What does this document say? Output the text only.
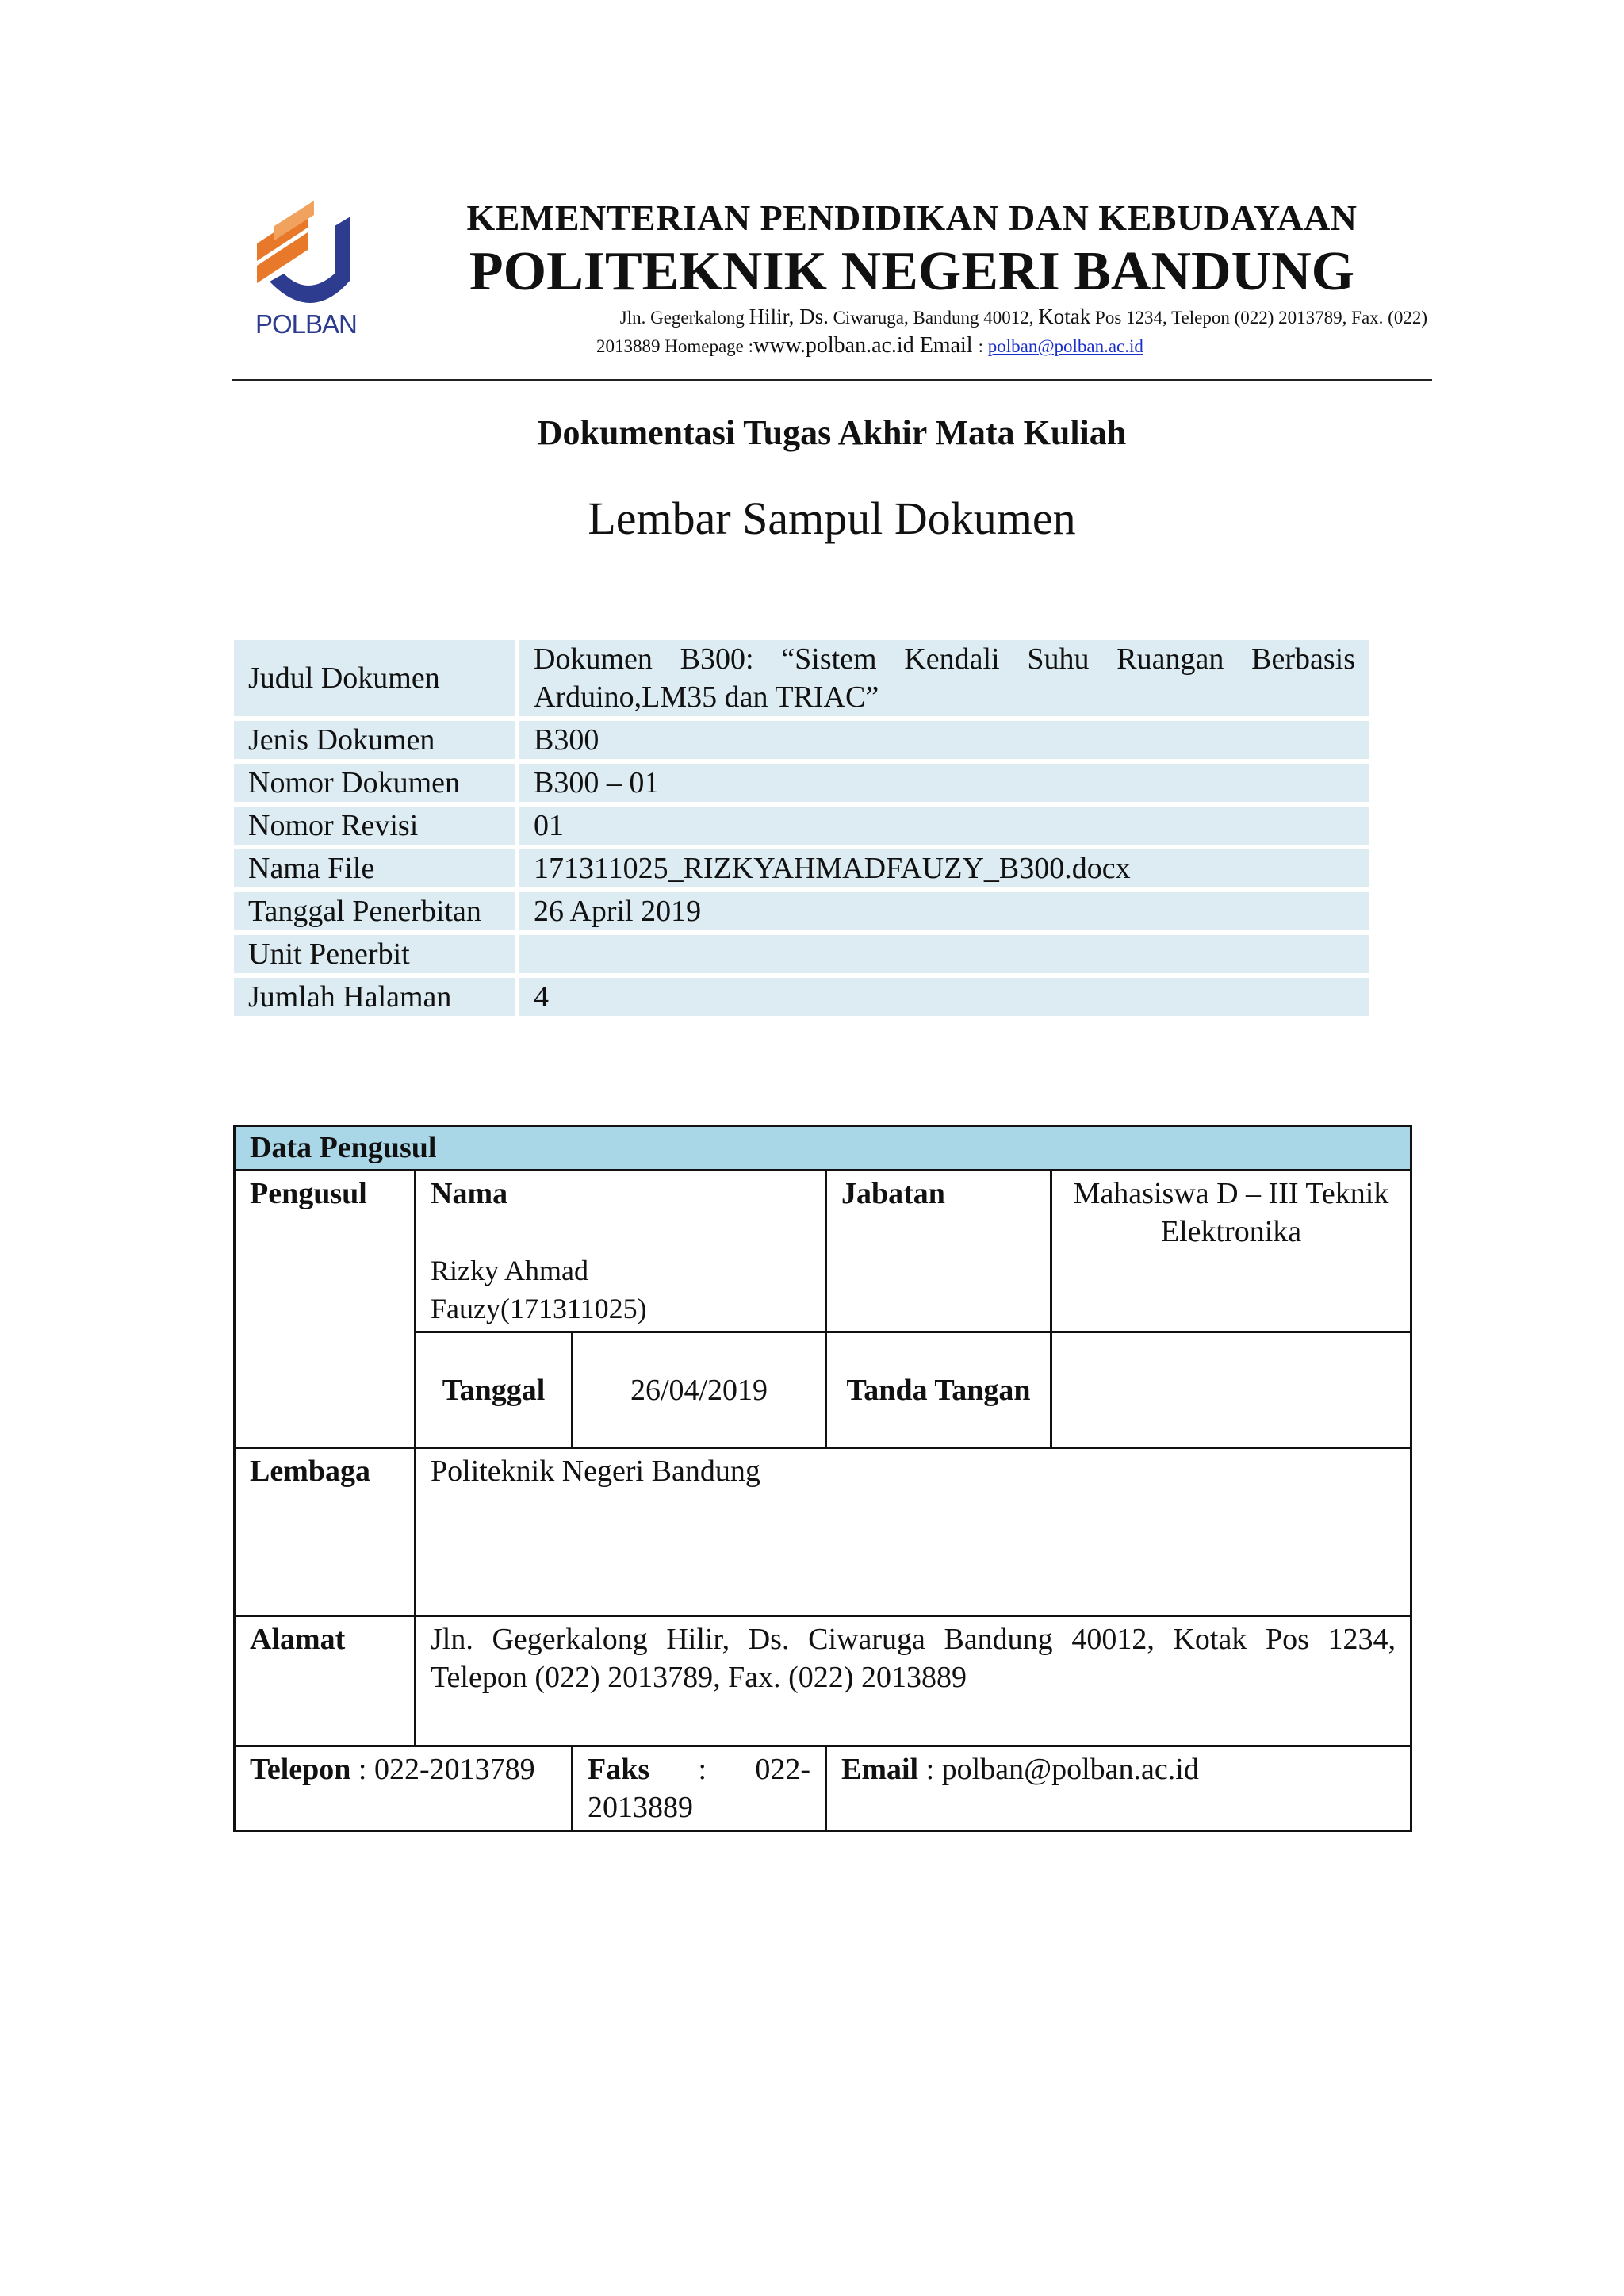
POLBAN
KEMENTERIAN PENDIDIKAN DAN KEBUDAYAAN
POLITEKNIK NEGERI BANDUNG
Jln. Gegerkalong Hilir, Ds. Ciwaruga, Bandung 40012, Kotak Pos 1234, Telepon (022) 2013789, Fax. (022)
2013889 Homepage :www.polban.ac.id Email : polban@polban.ac.id
Dokumentasi Tugas Akhir Mata Kuliah
Lembar Sampul Dokumen
Judul Dokumen		Dokumen B300: “Sistem Kendali Suhu Ruangan Berbasis Arduino,LM35 dan TRIAC”
Jenis Dokumen		B300
Nomor Dokumen		B300 – 01
Nomor Revisi		01
Nama File		171311025_RIZKYAHMADFAUZY_B300.docx
Tanggal Penerbitan		26 April 2019
Unit Penerbit		
Jumlah Halaman		4
Data Pengusul				
Pengusul	Nama		Jabatan	Mahasiswa D – III Teknik Elektronika
	Rizky Ahmad Fauzy(171311025)			
	Tanggal	26/04/2019	Tanda Tangan	
Lembaga	Politeknik Negeri Bandung			
Alamat	Jln. Gegerkalong Hilir, Ds. Ciwaruga Bandung 40012, Kotak Pos 1234, Telepon (022) 2013789, Fax. (022) 2013889			
Telepon : 022-2013789		Faks : 022-2013889	Email : polban@polban.ac.id	
